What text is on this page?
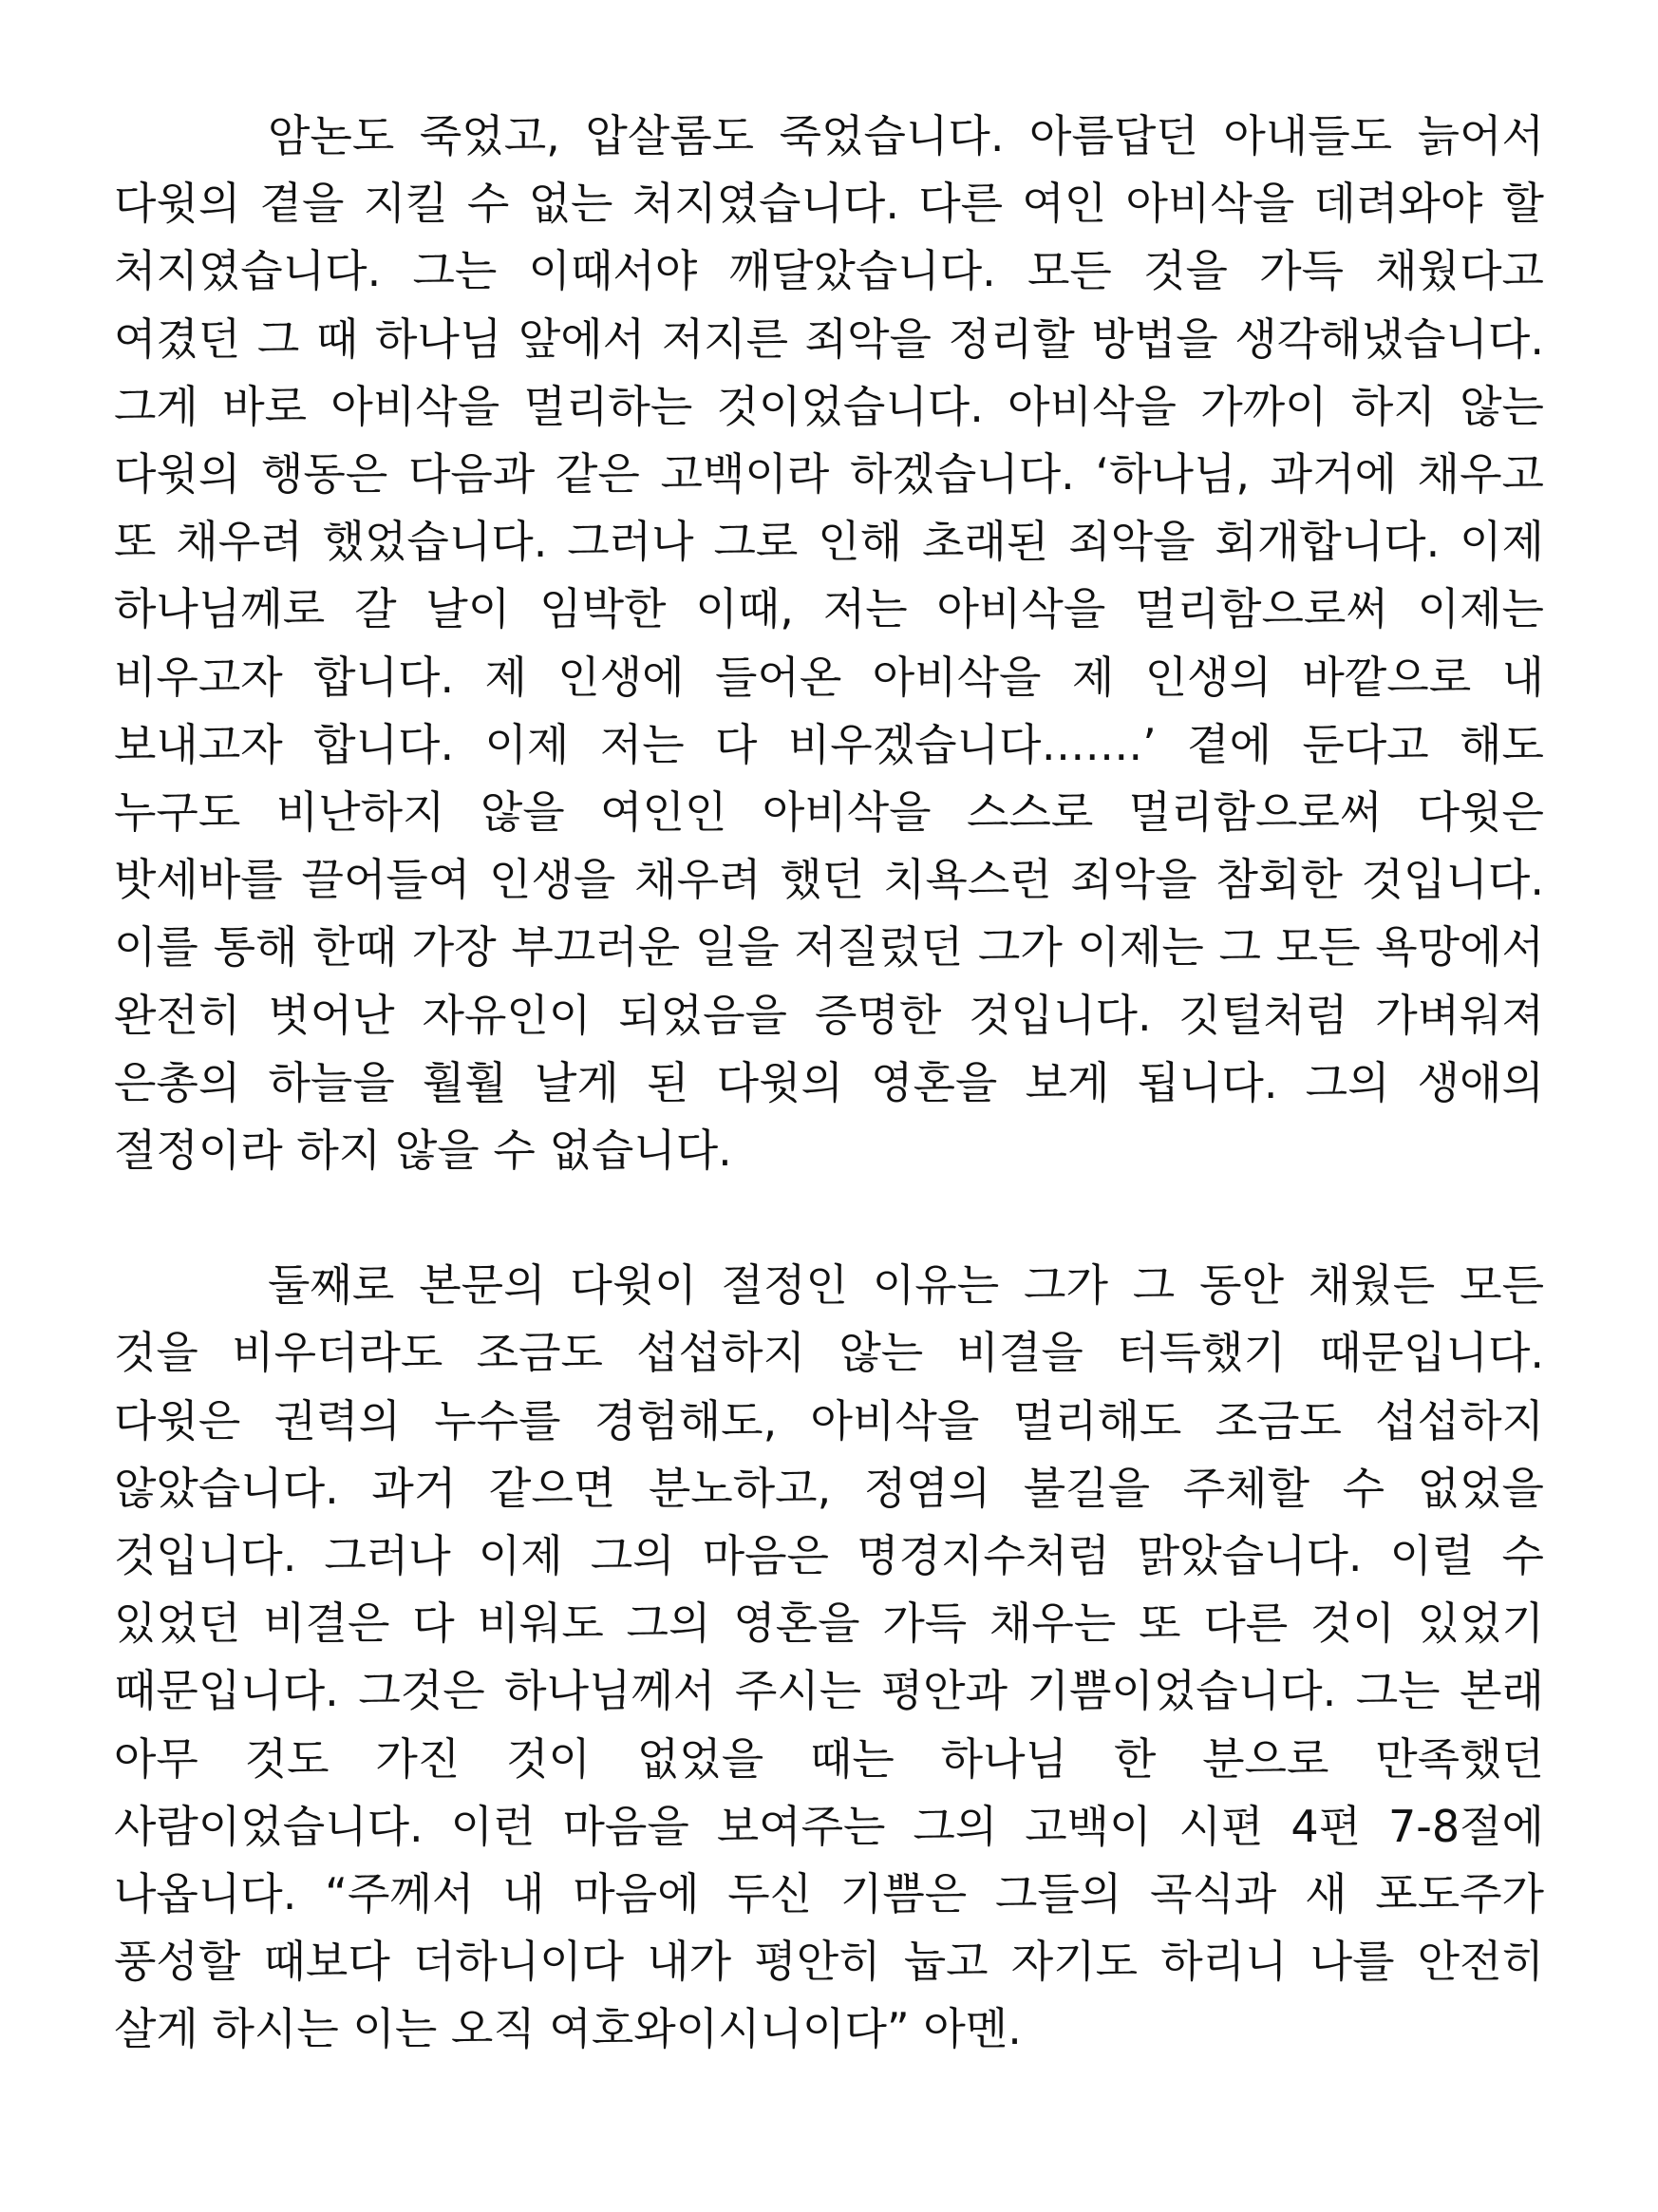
암논도 죽었고, 압살롬도 죽었습니다. 아름답던 아내들도 늙어서 다윗의 곁을 지킬 수 없는 처지였습니다. 다른 여인 아비삭을 데려와야 할 처지였습니다. 그는 이때서야 깨달았습니다. 모든 것을 가득 채웠다고 여겼던 그 때 하나님 앞에서 저지른 죄악을 정리할 방법을 생각해냈습니다. 그게 바로 아비삭을 멀리하는 것이었습니다. 아비삭을 가까이 하지 않는 다윗의 행동은 다음과 같은 고백이라 하겠습니다. ‘하나님, 과거에 채우고 또 채우려 했었습니다. 그러나 그로 인해 초래된 죄악을 회개합니다. 이제 하나님께로 갈 날이 임박한 이때, 저는 아비삭을 멀리함으로써 이제는 비우고자 합니다. 제 인생에 들어온 아비삭을 제 인생의 바깥으로 내 보내고자 합니다. 이제 저는 다 비우겠습니다…….’ 곁에 둔다고 해도 누구도 비난하지 않을 여인인 아비삭을 스스로 멀리함으로써 다윗은 밧세바를 끌어들여 인생을 채우려 했던 치욕스런 죄악을 참회한 것입니다. 이를 통해 한때 가장 부끄러운 일을 저질렀던 그가 이제는 그 모든 욕망에서 완전히 벗어난 자유인이 되었음을 증명한 것입니다. 깃털처럼 가벼워져 은총의 하늘을 훨훨 날게 된 다윗의 영혼을 보게 됩니다. 그의 생애의 절정이라 하지 않을 수 없습니다.

둘째로 본문의 다윗이 절정인 이유는 그가 그 동안 채웠든 모든 것을 비우더라도 조금도 섭섭하지 않는 비결을 터득했기 때문입니다. 다윗은 권력의 누수를 경험해도, 아비삭을 멀리해도 조금도 섭섭하지 않았습니다. 과거 같으면 분노하고, 정염의 불길을 주체할 수 없었을 것입니다. 그러나 이제 그의 마음은 명경지수처럼 맑았습니다. 이럴 수 있었던 비결은 다 비워도 그의 영혼을 가득 채우는 또 다른 것이 있었기 때문입니다. 그것은 하나님께서 주시는 평안과 기쁨이었습니다. 그는 본래 아무 것도 가진 것이 없었을 때는 하나님 한 분으로 만족했던 사람이었습니다. 이런 마음을 보여주는 그의 고백이 시편 4편 7-8절에 나옵니다. “주께서 내 마음에 두신 기쁨은 그들의 곡식과 새 포도주가 풍성할 때보다 더하니이다 내가 평안히 눕고 자기도 하리니 나를 안전히 살게 하시는 이는 오직 여호와이시니이다” 아멘.
